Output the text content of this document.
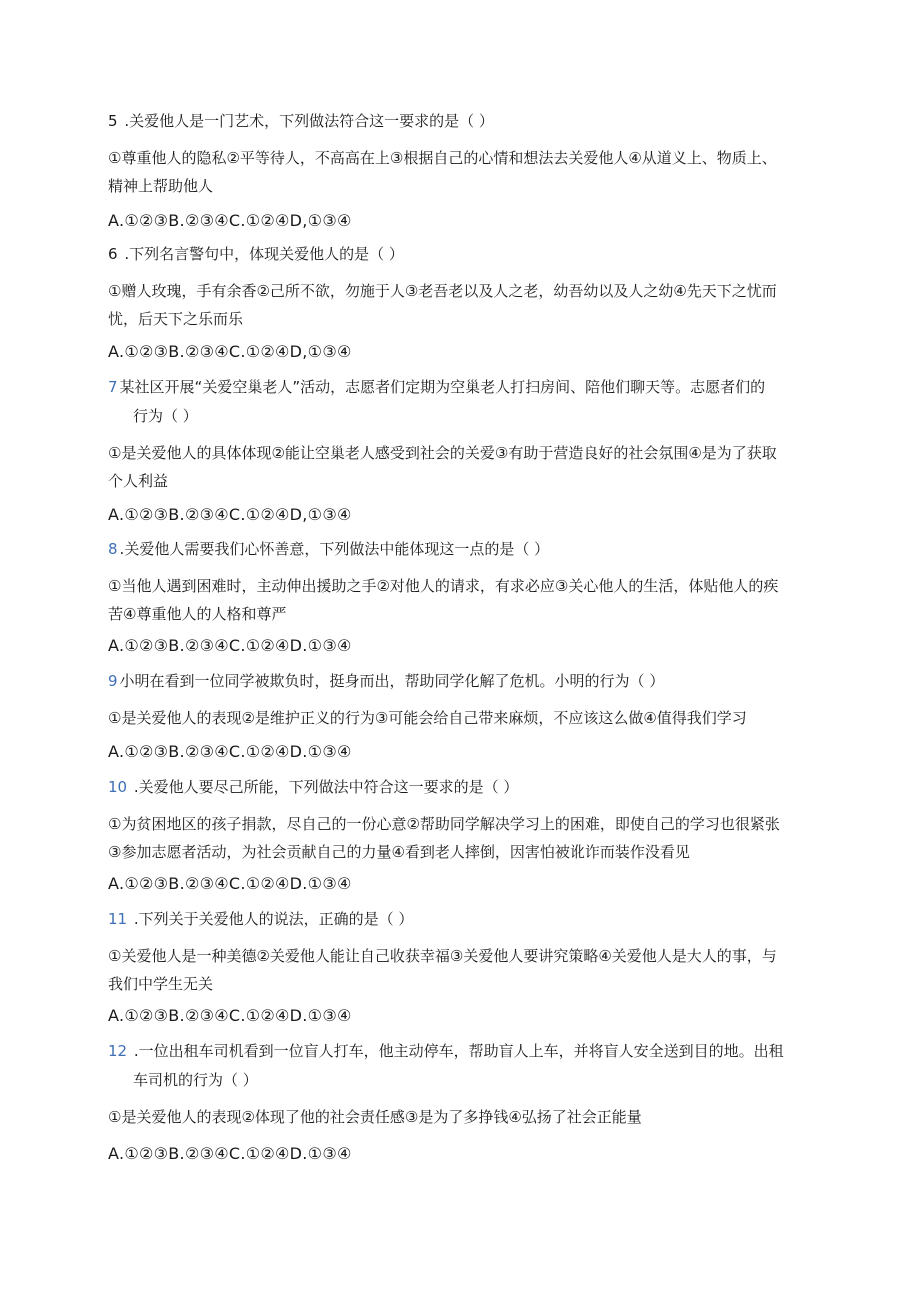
5 .关爱他人是一门艺术，下列做法符合这一要求的是（ ）
①尊重他人的隐私②平等待人，不高高在上③根据自己的心情和想法去关爱他人④从道义上、物质上、
精神上帮助他人
A.①②③B.②③④C.①②④D,①③④
6 .下列名言警句中，体现关爱他人的是（ ）
①赠人玫瑰，手有余香②己所不欲，勿施于人③老吾老以及人之老，幼吾幼以及人之幼④先天下之忧而
忧，后天下之乐而乐
A.①②③B.②③④C.①②④D,①③④
7 某社区开展“关爱空巢老人”活动，志愿者们定期为空巢老人打扫房间、陪他们聊天等。志愿者们的
行为（ ）
①是关爱他人的具体体现②能让空巢老人感受到社会的关爱③有助于营造良好的社会氛围④是为了获取
个人利益
A.①②③B.②③④C.①②④D,①③④
8 .关爱他人需要我们心怀善意，下列做法中能体现这一点的是（ ）
①当他人遇到困难时，主动伸出援助之手②对他人的请求，有求必应③关心他人的生活，体贴他人的疾
苦④尊重他人的人格和尊严
A.①②③B.②③④C.①②④D.①③④
9 小明在看到一位同学被欺负时，挺身而出，帮助同学化解了危机。小明的行为（ ）
①是关爱他人的表现②是维护正义的行为③可能会给自己带来麻烦，不应该这么做④值得我们学习
A.①②③B.②③④C.①②④D.①③④
10 .关爱他人要尽己所能，下列做法中符合这一要求的是（ ）
①为贫困地区的孩子捐款，尽自己的一份心意②帮助同学解决学习上的困难，即使自己的学习也很紧张
③参加志愿者活动，为社会贡献自己的力量④看到老人摔倒，因害怕被讹诈而装作没看见
A.①②③B.②③④C.①②④D.①③④
11 .下列关于关爱他人的说法，正确的是（ ）
①关爱他人是一种美德②关爱他人能让自己收获幸福③关爱他人要讲究策略④关爱他人是大人的事，与
我们中学生无关
A.①②③B.②③④C.①②④D.①③④
12 .一位出租车司机看到一位盲人打车，他主动停车，帮助盲人上车，并将盲人安全送到目的地。出租
车司机的行为（ ）
①是关爱他人的表现②体现了他的社会责任感③是为了多挣钱④弘扬了社会正能量
A.①②③B.②③④C.①②④D.①③④
